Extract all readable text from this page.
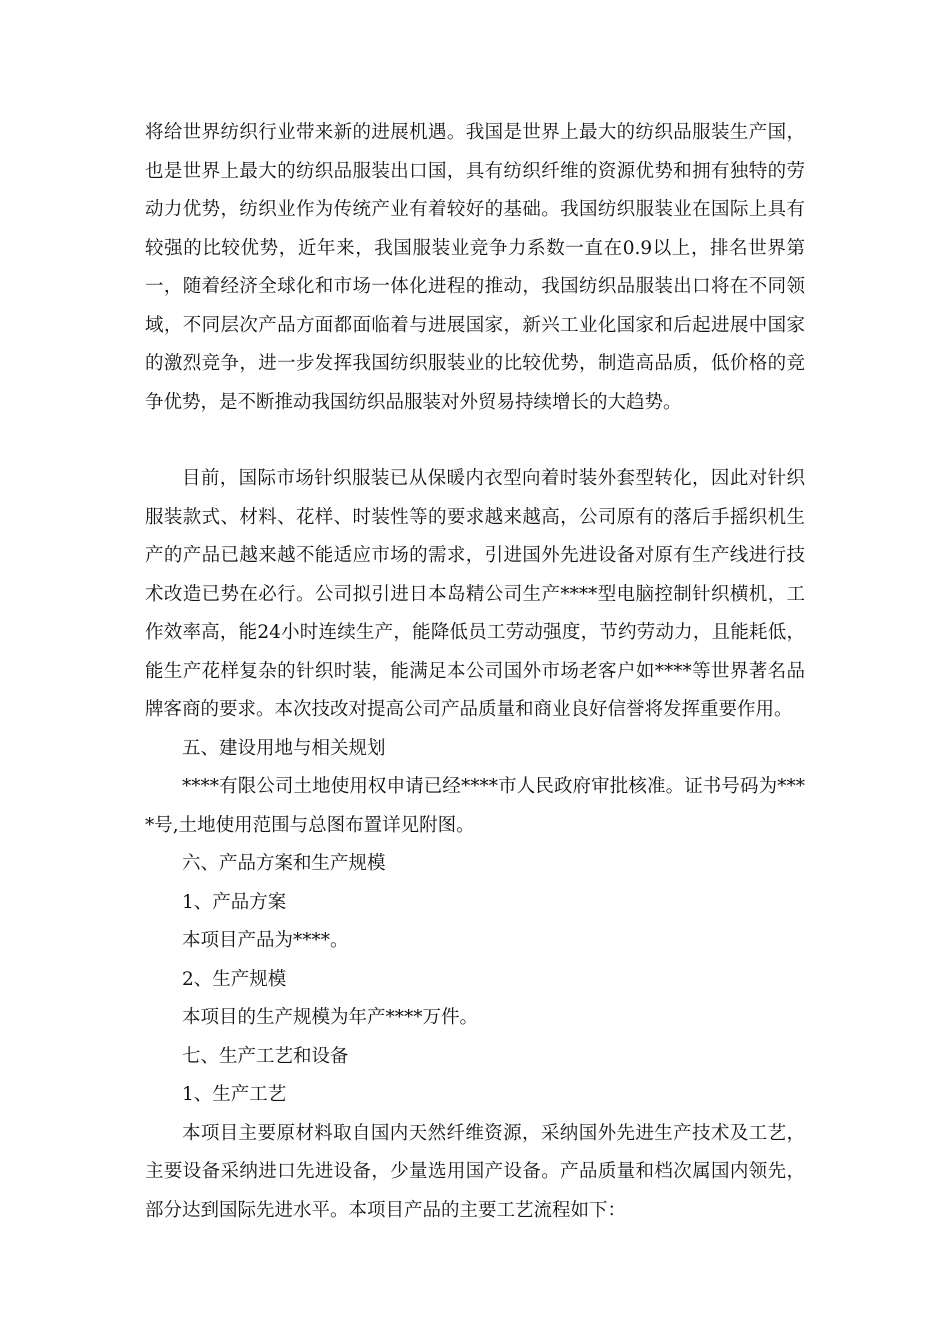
将给世界纺织行业带来新的进展机遇。我国是世界上最大的纺织品服装生产国，也是世界上最大的纺织品服装出口国，具有纺织纤维的资源优势和拥有独特的劳动力优势，纺织业作为传统产业有着较好的基础。我国纺织服装业在国际上具有较强的比较优势，近年来，我国服装业竞争力系数一直在0.9以上，排名世界第一，随着经济全球化和市场一体化进程的推动，我国纺织品服装出口将在不同领域，不同层次产品方面都面临着与进展国家，新兴工业化国家和后起进展中国家的激烈竞争，进一步发挥我国纺织服装业的比较优势，制造高品质，低价格的竞争优势，是不断推动我国纺织品服装对外贸易持续增长的大趋势。

目前，国际市场针织服装已从保暖内衣型向着时装外套型转化，因此对针织服装款式、材料、花样、时装性等的要求越来越高，公司原有的落后手摇织机生产的产品已越来越不能适应市场的需求，引进国外先进设备对原有生产线进行技术改造已势在必行。公司拟引进日本岛精公司生产****型电脑控制针织横机，工作效率高，能24小时连续生产，能降低员工劳动强度，节约劳动力，且能耗低，能生产花样复杂的针织时装，能满足本公司国外市场老客户如****等世界著名品牌客商的要求。本次技改对提高公司产品质量和商业良好信誉将发挥重要作用。

五、建设用地与相关规划

****有限公司土地使用权申请已经****市人民政府审批核准。证书号码为****号,土地使用范围与总图布置详见附图。

六、产品方案和生产规模

1、产品方案

本项目产品为****。

2、生产规模

本项目的生产规模为年产****万件。

七、生产工艺和设备

1、生产工艺

本项目主要原材料取自国内天然纤维资源，采纳国外先进生产技术及工艺，主要设备采纳进口先进设备，少量选用国产设备。产品质量和档次属国内领先，部分达到国际先进水平。本项目产品的主要工艺流程如下：
